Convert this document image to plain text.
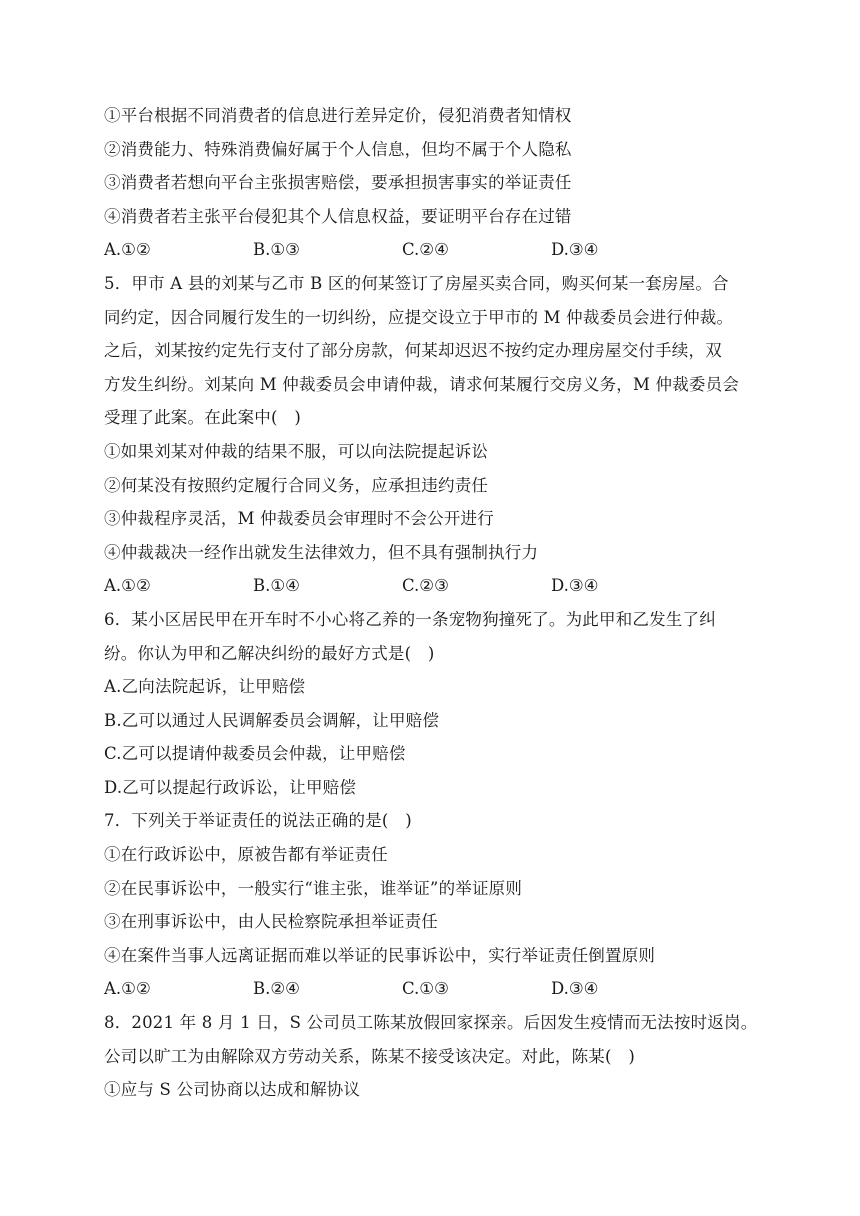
①平台根据不同消费者的信息进行差异定价，侵犯消费者知情权
②消费能力、特殊消费偏好属于个人信息，但均不属于个人隐私
③消费者若想向平台主张损害赔偿，要承担损害事实的举证责任
④消费者若主张平台侵犯其个人信息权益，要证明平台存在过错
A.①②	B.①③	C.②④	D.③④
5．甲市 A 县的刘某与乙市 B 区的何某签订了房屋买卖合同，购买何某一套房屋。合
同约定，因合同履行发生的一切纠纷，应提交设立于甲市的 M 仲裁委员会进行仲裁。
之后，刘某按约定先行支付了部分房款，何某却迟迟不按约定办理房屋交付手续，双
方发生纠纷。刘某向 M 仲裁委员会申请仲裁，请求何某履行交房义务，M 仲裁委员会
受理了此案。在此案中(　)
①如果刘某对仲裁的结果不服，可以向法院提起诉讼
②何某没有按照约定履行合同义务，应承担违约责任
③仲裁程序灵活，M 仲裁委员会审理时不会公开进行
④仲裁裁决一经作出就发生法律效力，但不具有强制执行力
A.①②	B.①④	C.②③	D.③④
6．某小区居民甲在开车时不小心将乙养的一条宠物狗撞死了。为此甲和乙发生了纠
纷。你认为甲和乙解决纠纷的最好方式是(　)
A.乙向法院起诉，让甲赔偿
B.乙可以通过人民调解委员会调解，让甲赔偿
C.乙可以提请仲裁委员会仲裁，让甲赔偿
D.乙可以提起行政诉讼，让甲赔偿
7．下列关于举证责任的说法正确的是(　)
①在行政诉讼中，原被告都有举证责任
②在民事诉讼中，一般实行“谁主张，谁举证”的举证原则
③在刑事诉讼中，由人民检察院承担举证责任
④在案件当事人远离证据而难以举证的民事诉讼中，实行举证责任倒置原则
A.①②	B.②④	C.①③	D.③④
8．2021 年 8 月 1 日，S 公司员工陈某放假回家探亲。后因发生疫情而无法按时返岗。
公司以旷工为由解除双方劳动关系，陈某不接受该决定。对此，陈某(　)
①应与 S 公司协商以达成和解协议
